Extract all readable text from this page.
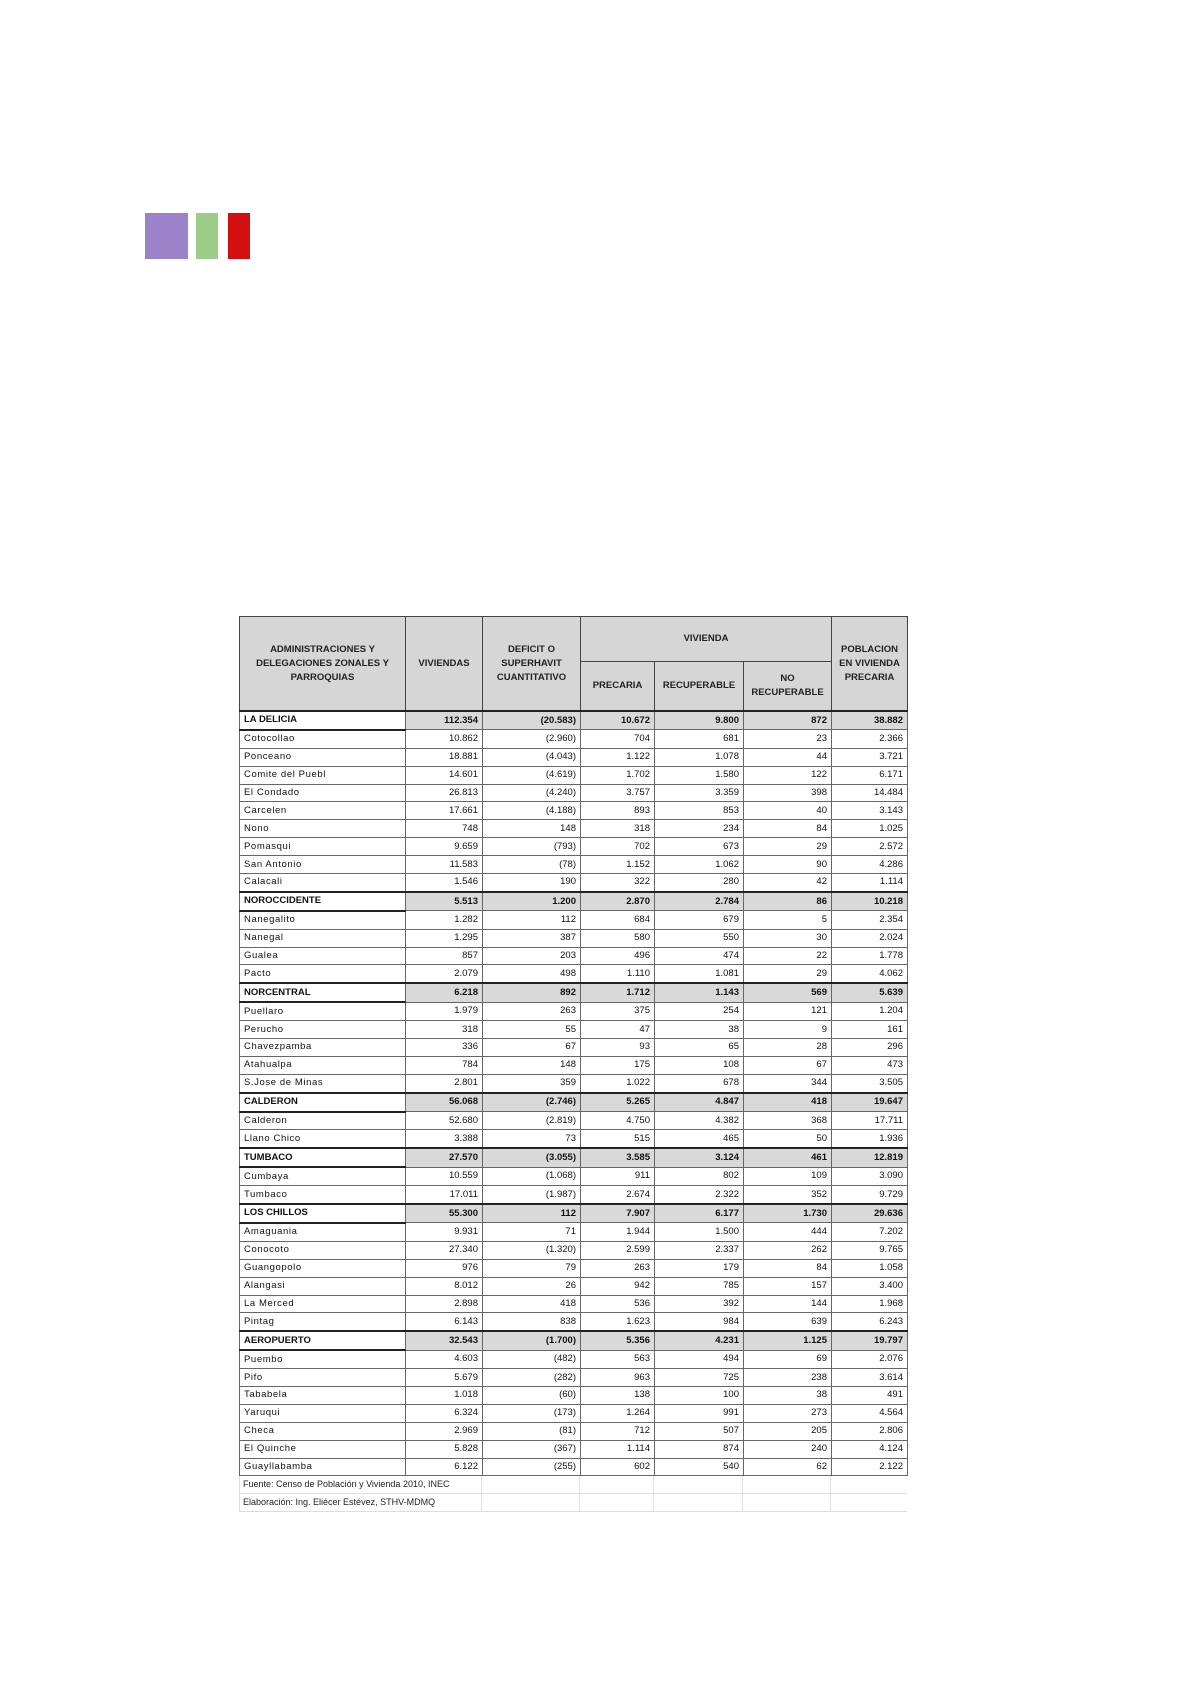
ADMINISTRACIONES Y DELEGACIONES ZONALES Y PARROQUIAS	VIVIENDAS	DEFICIT O SUPERHAVIT CUANTITATIVO	VIVIENDA			POBLACION EN VIVIENDA PRECARIA
			PRECARIA	RECUPERABLE	NO RECUPERABLE	
LA DELICIA	112.354	(20.583)	10.672	9.800	872	38.882
Cotocollao	10.862	(2.960)	704	681	23	2.366
Ponceano	18.881	(4.043)	1.122	1.078	44	3.721
Comite del Puebl	14.601	(4.619)	1.702	1.580	122	6.171
El Condado	26.813	(4.240)	3.757	3.359	398	14.484
Carcelen	17.661	(4.188)	893	853	40	3.143
Nono	748	148	318	234	84	1.025
Pomasqui	9.659	(793)	702	673	29	2.572
San Antonio	11.583	(78)	1.152	1.062	90	4.286
Calacali	1.546	190	322	280	42	1.114
NOROCCIDENTE	5.513	1.200	2.870	2.784	86	10.218
Nanegalito	1.282	112	684	679	5	2.354
Nanegal	1.295	387	580	550	30	2.024
Gualea	857	203	496	474	22	1.778
Pacto	2.079	498	1.110	1.081	29	4.062
NORCENTRAL	6.218	892	1.712	1.143	569	5.639
Puellaro	1.979	263	375	254	121	1.204
Perucho	318	55	47	38	9	161
Chavezpamba	336	67	93	65	28	296
Atahualpa	784	148	175	108	67	473
S.Jose de Minas	2.801	359	1.022	678	344	3.505
CALDERON	56.068	(2.746)	5.265	4.847	418	19.647
Calderon	52.680	(2.819)	4.750	4.382	368	17.711
Llano Chico	3.388	73	515	465	50	1.936
TUMBACO	27.570	(3.055)	3.585	3.124	461	12.819
Cumbaya	10.559	(1.068)	911	802	109	3.090
Tumbaco	17.011	(1.987)	2.674	2.322	352	9.729
LOS CHILLOS	55.300	112	7.907	6.177	1.730	29.636
Amaguania	9.931	71	1.944	1.500	444	7.202
Conocoto	27.340	(1.320)	2.599	2.337	262	9.765
Guangopolo	976	79	263	179	84	1.058
Alangasi	8.012	26	942	785	157	3.400
La Merced	2.898	418	536	392	144	1.968
Pintag	6.143	838	1.623	984	639	6.243
AEROPUERTO	32.543	(1.700)	5.356	4.231	1.125	19.797
Puembo	4.603	(482)	563	494	69	2.076
Pifo	5.679	(282)	963	725	238	3.614
Tababela	1.018	(60)	138	100	38	491
Yaruqui	6.324	(173)	1.264	991	273	4.564
Checa	2.969	(81)	712	507	205	2.806
El Quinche	5.828	(367)	1.114	874	240	4.124
Guayllabamba	6.122	(255)	602	540	62	2.122
Fuente: Censo de Población y Vivienda 2010, INEC
Elaboración: Ing. Eliécer Estévez, STHV-MDMQ
